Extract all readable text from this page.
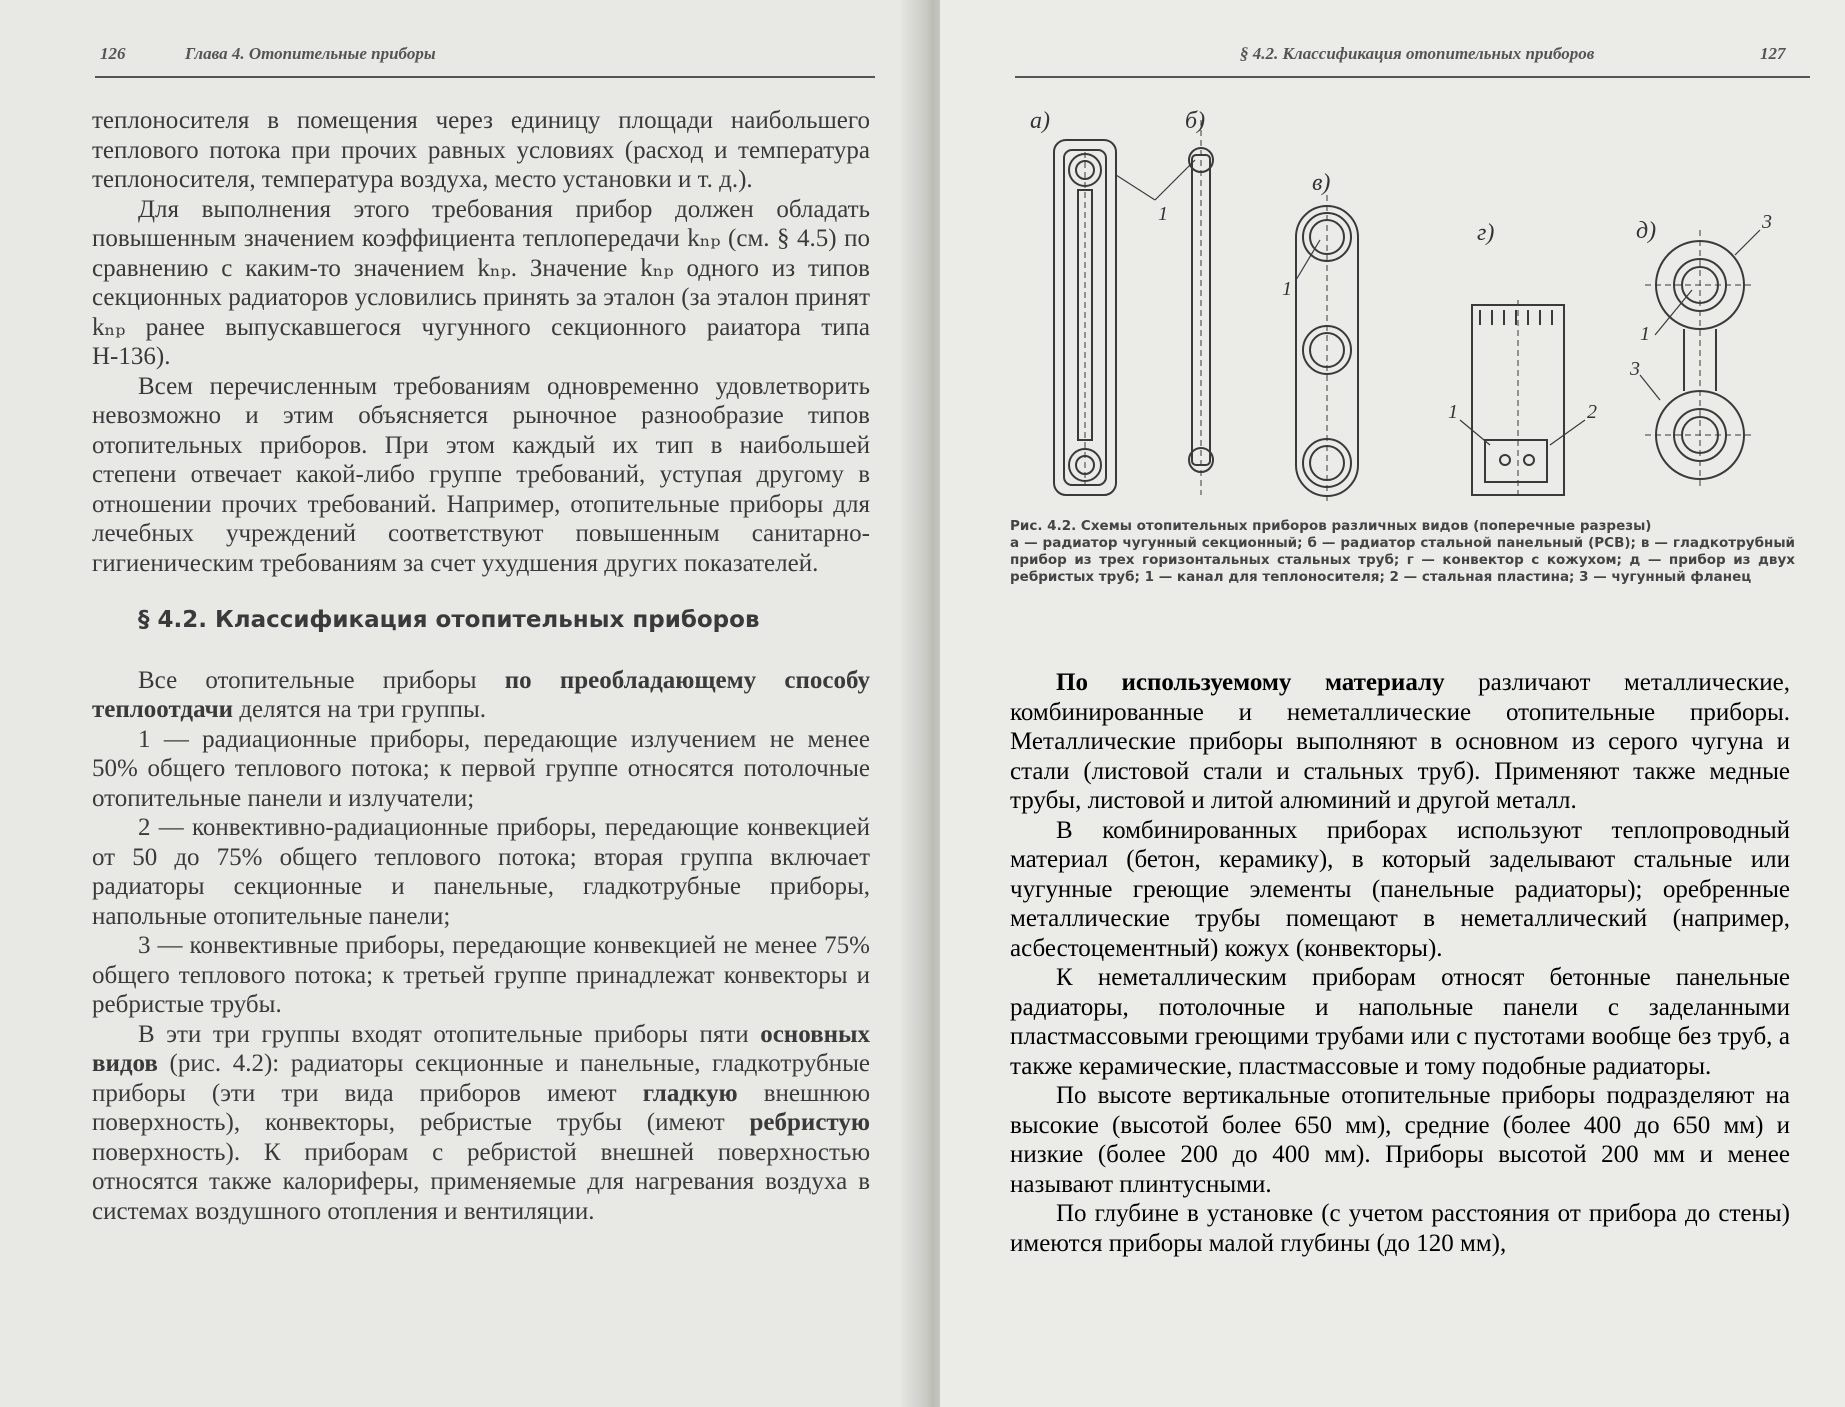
126	Глава 4. Отопительные приборы

теплоносителя в помещения через единицу площади наибольшего теплового потока при прочих равных условиях (расход и температура теплоносителя, температура воздуха, место установки и т. д.).

Для выполнения этого требования прибор должен обладать повышенным значением коэффициента теплопередачи kₙₚ (см. § 4.5) по сравнению с каким-то значением kₙₚ. Значение kₙₚ одного из типов секционных радиаторов условились принять за эталон (за эталон принят kₙₚ ранее выпускавшегося чугунного секционного раиатора типа Н-136).

Всем перечисленным требованиям одновременно удовлетворить невозможно и этим объясняется рыночное разнообразие типов отопительных приборов. При этом каждый их тип в наибольшей степени отвечает какой-либо группе требований, уступая другому в отношении прочих требований. Например, отопительные приборы для лечебных учреждений соответствуют повышенным санитарно-гигиеническим требованиям за счет ухудшения других показателей.

§ 4.2. Классификация отопительных приборов

Все отопительные приборы по преобладающему способу теплоотдачи делятся на три группы.

1 — радиационные приборы, передающие излучением не менее 50% общего теплового потока; к первой группе относятся потолочные отопительные панели и излучатели;

2 — конвективно-радиационные приборы, передающие конвекцией от 50 до 75% общего теплового потока; вторая группа включает радиаторы секционные и панельные, гладкотрубные приборы, напольные отопительные панели;

3 — конвективные приборы, передающие конвекцией не менее 75% общего теплового потока; к третьей группе принадлежат конвекторы и ребристые трубы.

В эти три группы входят отопительные приборы пяти основных видов (рис. 4.2): радиаторы секционные и панельные, гладкотрубные приборы (эти три вида приборов имеют гладкую внешнюю поверхность), конвекторы, ребристые трубы (имеют ребристую поверхность). К приборам с ребристой внешней поверхностью относятся также калориферы, применяемые для нагревания воздуха в системах воздушного отопления и вентиляции.

§ 4.2. Классификация отопительных приборов	127
а)	б)
в)
г)	д)
1
1
1	2
1
3
3

Рис. 4.2. Схемы отопительных приборов различных видов (поперечные разрезы)

а — радиатор чугунный секционный; б — радиатор стальной панельный (РСВ); в — гладкотрубный прибор из трех горизонтальных стальных труб; г — конвектор с кожухом; д — прибор из двух ребристых труб; 1 — канал для теплоносителя; 2 — стальная пластина; 3 — чугунный фланец

По используемому материалу различают металлические, комбинированные и неметаллические отопительные приборы. Металлические приборы выполняют в основном из серого чугуна и стали (листовой стали и стальных труб). Применяют также медные трубы, листовой и литой алюминий и другой металл.

В комбинированных приборах используют теплопроводный материал (бетон, керамику), в который заделывают стальные или чугунные греющие элементы (панельные радиаторы); оребренные металлические трубы помещают в неметаллический (например, асбестоцементный) кожух (конвекторы).

К неметаллическим приборам относят бетонные панельные радиаторы, потолочные и напольные панели с заделанными пластмассовыми греющими трубами или с пустотами вообще без труб, а также керамические, пластмассовые и тому подобные радиаторы.

По высоте вертикальные отопительные приборы подразделяют на высокие (высотой более 650 мм), средние (более 400 до 650 мм) и низкие (более 200 до 400 мм). Приборы высотой 200 мм и менее называют плинтусными.

По глубине в установке (с учетом расстояния от прибора до стены) имеются приборы малой глубины (до 120 мм),
